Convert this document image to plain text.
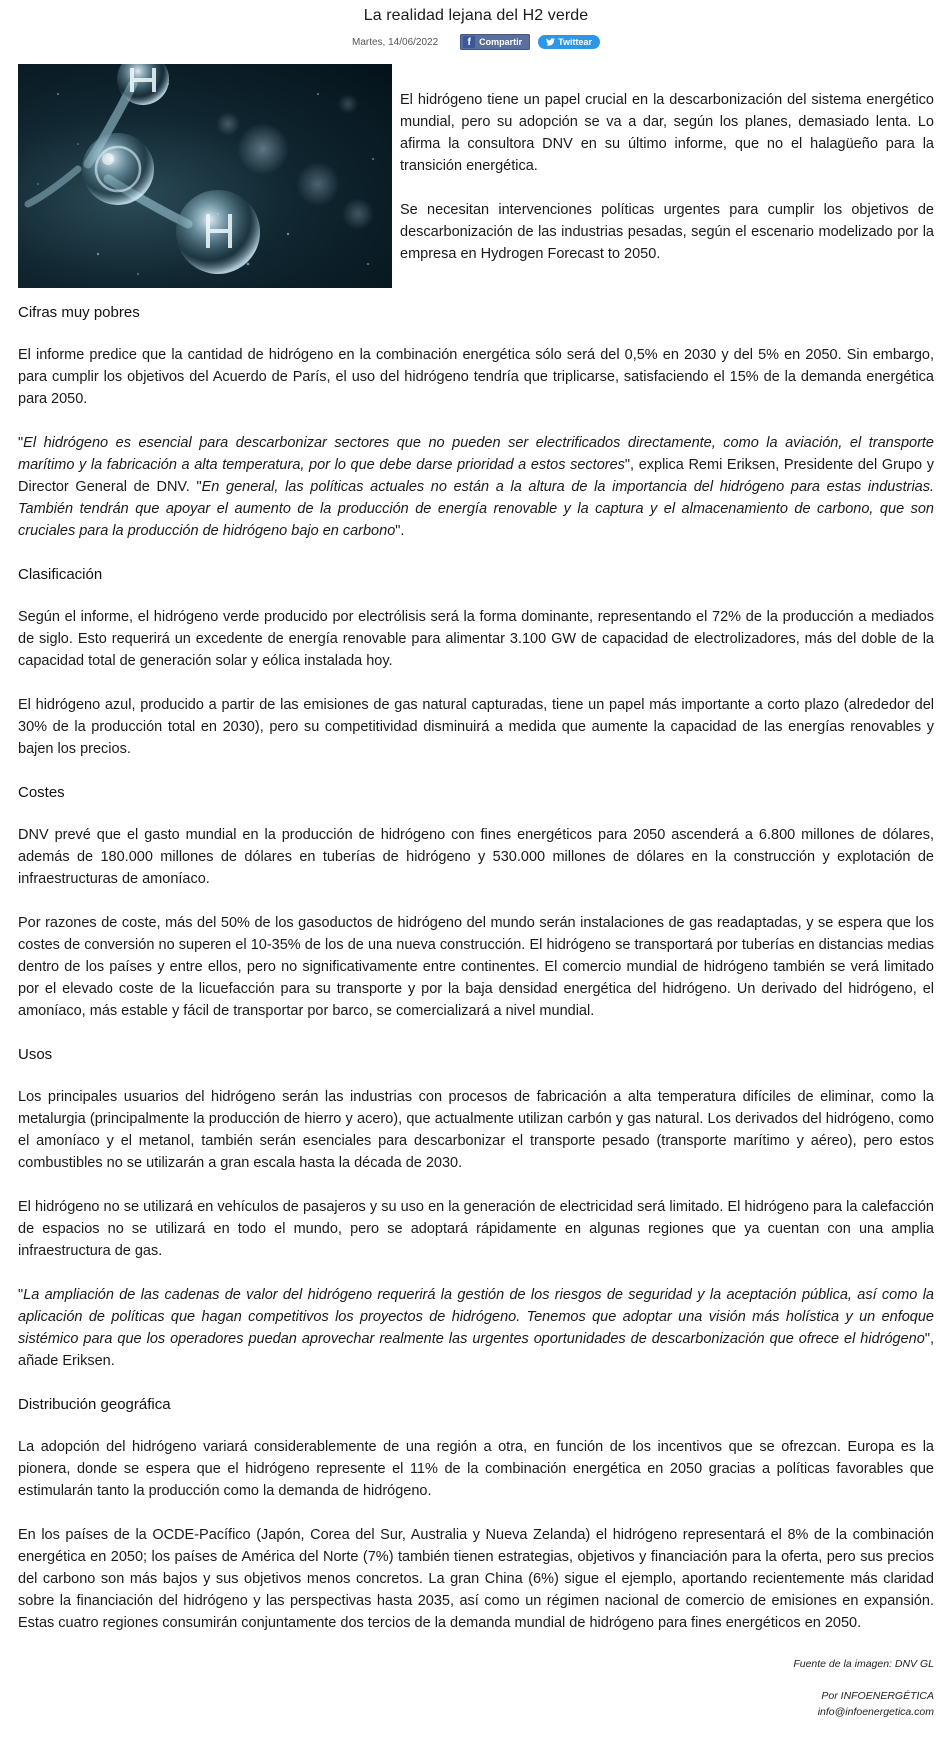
La realidad lejana del H2 verde
Martes, 14/06/2022	f Compartir	Twittear

El hidrógeno tiene un papel crucial en la descarbonización del sistema energético mundial, pero su adopción se va a dar, según los planes, demasiado lenta. Lo afirma la consultora DNV en su último informe, que no el halagüeño para la transición energética.

Se necesitan intervenciones políticas urgentes para cumplir los objetivos de descarbonización de las industrias pesadas, según el escenario modelizado por la empresa en Hydrogen Forecast to 2050.

Cifras muy pobres

El informe predice que la cantidad de hidrógeno en la combinación energética sólo será del 0,5% en 2030 y del 5% en 2050. Sin embargo, para cumplir los objetivos del Acuerdo de París, el uso del hidrógeno tendría que triplicarse, satisfaciendo el 15% de la demanda energética para 2050.

"El hidrógeno es esencial para descarbonizar sectores que no pueden ser electrificados directamente, como la aviación, el transporte marítimo y la fabricación a alta temperatura, por lo que debe darse prioridad a estos sectores", explica Remi Eriksen, Presidente del Grupo y Director General de DNV. "En general, las políticas actuales no están a la altura de la importancia del hidrógeno para estas industrias. También tendrán que apoyar el aumento de la producción de energía renovable y la captura y el almacenamiento de carbono, que son cruciales para la producción de hidrógeno bajo en carbono".

Clasificación

Según el informe, el hidrógeno verde producido por electrólisis será la forma dominante, representando el 72% de la producción a mediados de siglo. Esto requerirá un excedente de energía renovable para alimentar 3.100 GW de capacidad de electrolizadores, más del doble de la capacidad total de generación solar y eólica instalada hoy.

El hidrógeno azul, producido a partir de las emisiones de gas natural capturadas, tiene un papel más importante a corto plazo (alrededor del 30% de la producción total en 2030), pero su competitividad disminuirá a medida que aumente la capacidad de las energías renovables y bajen los precios.

Costes

DNV prevé que el gasto mundial en la producción de hidrógeno con fines energéticos para 2050 ascenderá a 6.800 millones de dólares, además de 180.000 millones de dólares en tuberías de hidrógeno y 530.000 millones de dólares en la construcción y explotación de infraestructuras de amoníaco.

Por razones de coste, más del 50% de los gasoductos de hidrógeno del mundo serán instalaciones de gas readaptadas, y se espera que los costes de conversión no superen el 10-35% de los de una nueva construcción. El hidrógeno se transportará por tuberías en distancias medias dentro de los países y entre ellos, pero no significativamente entre continentes. El comercio mundial de hidrógeno también se verá limitado por el elevado coste de la licuefacción para su transporte y por la baja densidad energética del hidrógeno. Un derivado del hidrógeno, el amoníaco, más estable y fácil de transportar por barco, se comercializará a nivel mundial.

Usos

Los principales usuarios del hidrógeno serán las industrias con procesos de fabricación a alta temperatura difíciles de eliminar, como la metalurgia (principalmente la producción de hierro y acero), que actualmente utilizan carbón y gas natural. Los derivados del hidrógeno, como el amoníaco y el metanol, también serán esenciales para descarbonizar el transporte pesado (transporte marítimo y aéreo), pero estos combustibles no se utilizarán a gran escala hasta la década de 2030.

El hidrógeno no se utilizará en vehículos de pasajeros y su uso en la generación de electricidad será limitado. El hidrógeno para la calefacción de espacios no se utilizará en todo el mundo, pero se adoptará rápidamente en algunas regiones que ya cuentan con una amplia infraestructura de gas.

"La ampliación de las cadenas de valor del hidrógeno requerirá la gestión de los riesgos de seguridad y la aceptación pública, así como la aplicación de políticas que hagan competitivos los proyectos de hidrógeno. Tenemos que adoptar una visión más holística y un enfoque sistémico para que los operadores puedan aprovechar realmente las urgentes oportunidades de descarbonización que ofrece el hidrógeno", añade Eriksen.

Distribución geográfica

La adopción del hidrógeno variará considerablemente de una región a otra, en función de los incentivos que se ofrezcan. Europa es la pionera, donde se espera que el hidrógeno represente el 11% de la combinación energética en 2050 gracias a políticas favorables que estimularán tanto la producción como la demanda de hidrógeno.

En los países de la OCDE-Pacífico (Japón, Corea del Sur, Australia y Nueva Zelanda) el hidrógeno representará el 8% de la combinación energética en 2050; los países de América del Norte (7%) también tienen estrategias, objetivos y financiación para la oferta, pero sus precios del carbono son más bajos y sus objetivos menos concretos. La gran China (6%) sigue el ejemplo, aportando recientemente más claridad sobre la financiación del hidrógeno y las perspectivas hasta 2035, así como un régimen nacional de comercio de emisiones en expansión. Estas cuatro regiones consumirán conjuntamente dos tercios de la demanda mundial de hidrógeno para fines energéticos en 2050.

Fuente de la imagen: DNV GL
Por INFOENERGÉTICA
info@infoenergetica.com
